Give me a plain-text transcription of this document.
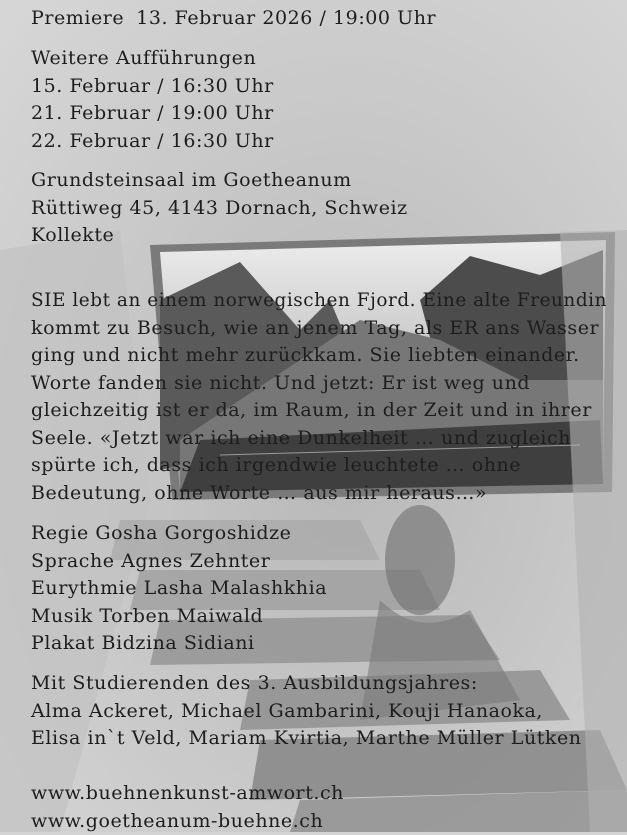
Premiere 13. Februar 2026 / 19:00 Uhr
Weitere Aufführungen
15. Februar / 16:30 Uhr
21. Februar / 19:00 Uhr
22. Februar / 16:30 Uhr
Grundsteinsaal im Goetheanum
Rüttiweg 45, 4143 Dornach, Schweiz
Kollekte
SIE lebt an einem norwegischen Fjord. Eine alte Freundin
kommt zu Besuch, wie an jenem Tag, als ER ans Wasser
ging und nicht mehr zurückkam. Sie liebten einander.
Worte fanden sie nicht. Und jetzt: Er ist weg und
gleichzeitig ist er da, im Raum, in der Zeit und in ihrer
Seele. «Jetzt war ich eine Dunkelheit … und zugleich
spürte ich, dass ich irgendwie leuchtete … ohne
Bedeutung, ohne Worte … aus mir heraus…»
Regie Gosha Gorgoshidze
Sprache Agnes Zehnter
Eurythmie Lasha Malashkhia
Musik Torben Maiwald
Plakat Bidzina Sidiani
Mit Studierenden des 3. Ausbildungsjahres:
Alma Ackeret, Michael Gambarini, Kouji Hanaoka,
Elisa in`t Veld, Mariam Kvirtia, Marthe Müller Lütken
www.buehnenkunst-amwort.ch
www.goetheanum-buehne.ch
